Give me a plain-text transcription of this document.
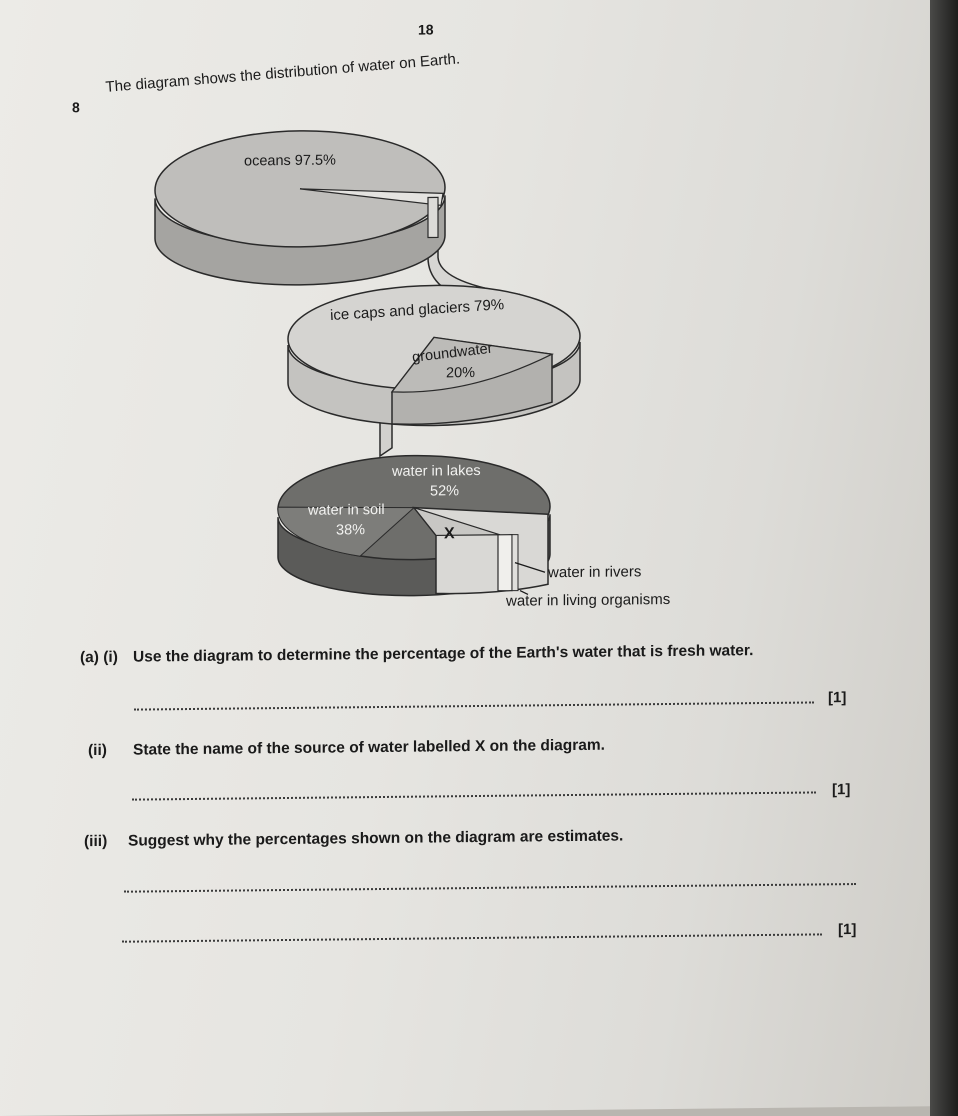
18
8
The diagram shows the distribution of water on Earth.
oceans 97.5%
ice caps and glaciers 79%
groundwater
20%
water in lakes
52%
water in soil
38%	X
water in rivers
water in living organisms
(a) (i) Use the diagram to determine the percentage of the Earth's water that is fresh water.
[1]
(ii) State the name of the source of water labelled X on the diagram.
[1]
(iii) Suggest why the percentages shown on the diagram are estimates.
[1]
